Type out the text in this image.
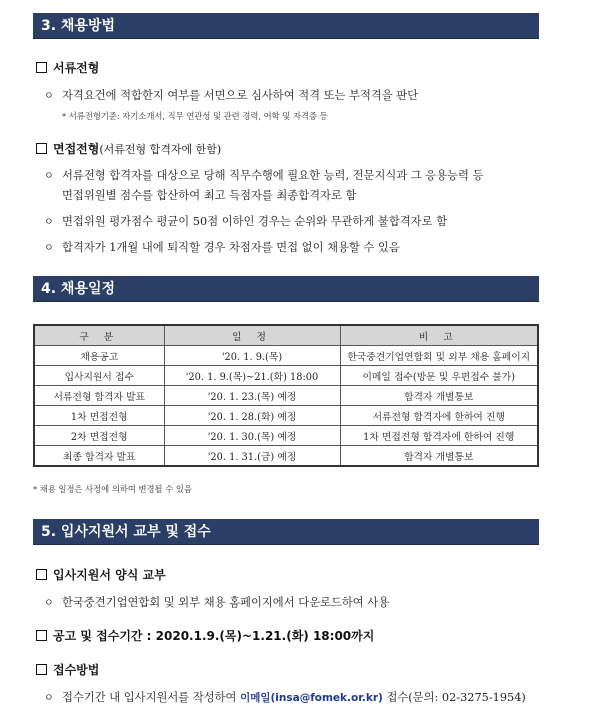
3. 채용방법
서류전형
ㅇ 자격요건에 적합한지 여부를 서면으로 심사하여 적격 또는 부적격을 판단
* 서류전형기준: 자기소개서, 직무 연관성 및 관련 경력, 어학 및 자격증 등
면접전형(서류전형 합격자에 한함)
ㅇ 서류전형 합격자를 대상으로 당해 직무수행에 필요한 능력, 전문지식과 그 응용능력 등
면접위원별 점수를 합산하여 최고 득점자를 최종합격자로 함
ㅇ 면접위원 평가점수 평균이 50점 이하인 경우는 순위와 무관하게 불합격자로 함
ㅇ 합격자가 1개월 내에 퇴직할 경우 차점자를 면접 없이 채용할 수 있음
4. 채용일정
구 분	일 정	비 고
채용공고	'20. 1. 9.(목)	한국중견기업연합회 및 외부 채용 홈페이지
입사지원서 접수	'20. 1. 9.(목)~21.(화) 18:00	이메일 접수(방문 및 우편접수 불가)
서류전형 합격자 발표	'20. 1. 23.(목) 예정	합격자 개별통보
1차 면접전형	'20. 1. 28.(화) 예정	서류전형 합격자에 한하여 진행
2차 면접전형	'20. 1. 30.(목) 예정	1차 면접전형 합격자에 한하여 진행
최종 합격자 발표	'20. 1. 31.(금) 예정	합격자 개별통보
* 채용 일정은 사정에 의하여 변경될 수 있음
5. 입사지원서 교부 및 접수
입사지원서 양식 교부
ㅇ 한국중견기업연합회 및 외부 채용 홈페이지에서 다운로드하여 사용
공고 및 접수기간 : 2020.1.9.(목)~1.21.(화) 18:00까지
접수방법
ㅇ 접수기간 내 입사지원서를 작성하여 이메일(insa@fomek.or.kr) 접수(문의: 02-3275-1954)
